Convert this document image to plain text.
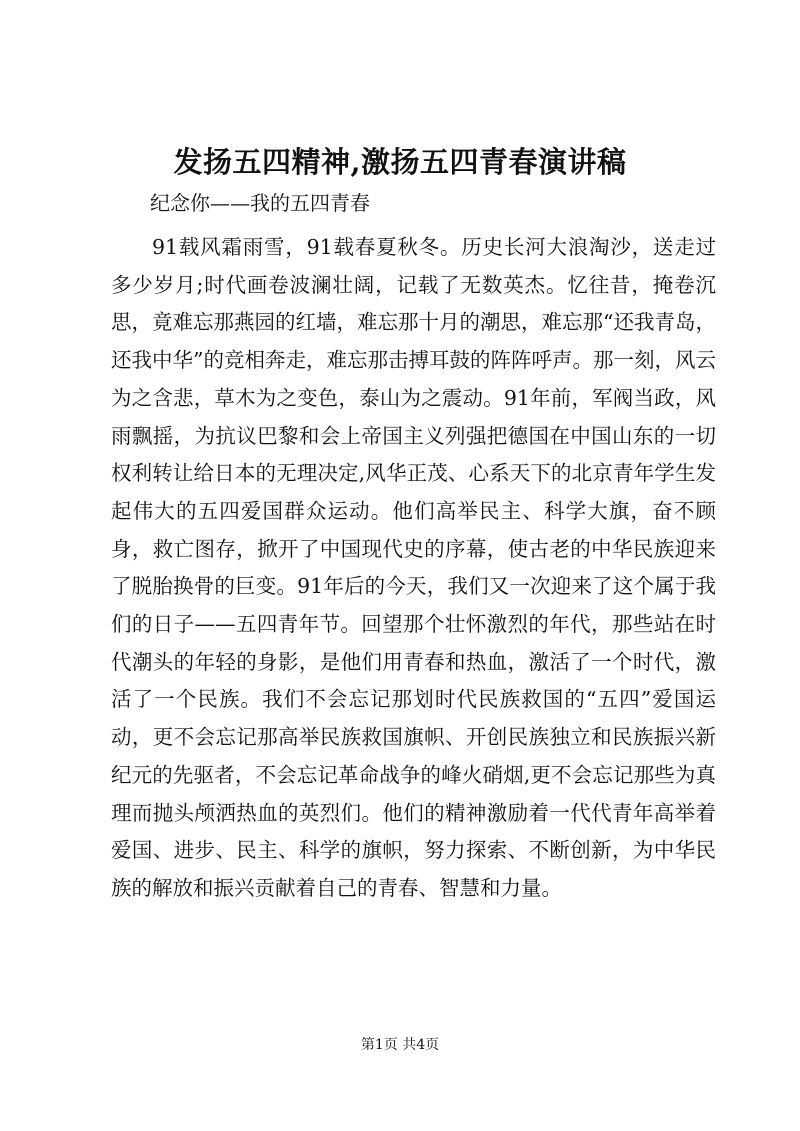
发扬五四精神,激扬五四青春演讲稿

纪念你——我的五四青春

91载风霜雨雪，91载春夏秋冬。历史长河大浪淘沙，送走过多少岁月;时代画卷波澜壮阔，记载了无数英杰。忆往昔，掩卷沉思，竟难忘那燕园的红墙，难忘那十月的潮思，难忘那“还我青岛，还我中华”的竞相奔走，难忘那击搏耳鼓的阵阵呼声。那一刻，风云为之含悲，草木为之变色，泰山为之震动。91年前，军阀当政，风雨飘摇，为抗议巴黎和会上帝国主义列强把德国在中国山东的一切权利转让给日本的无理决定,风华正茂、心系天下的北京青年学生发起伟大的五四爱国群众运动。他们高举民主、科学大旗，奋不顾身，救亡图存，掀开了中国现代史的序幕，使古老的中华民族迎来了脱胎换骨的巨变。91年后的今天，我们又一次迎来了这个属于我们的日子——五四青年节。回望那个壮怀激烈的年代，那些站在时代潮头的年轻的身影，是他们用青春和热血，激活了一个时代，激活了一个民族。我们不会忘记那划时代民族救国的“五四”爱国运动，更不会忘记那高举民族救国旗帜、开创民族独立和民族振兴新纪元的先驱者，不会忘记革命战争的峰火硝烟,更不会忘记那些为真理而抛头颅洒热血的英烈们。他们的精神激励着一代代青年高举着爱国、进步、民主、科学的旗帜，努力探索、不断创新，为中华民族的解放和振兴贡献着自己的青春、智慧和力量。

第1页 共4页
